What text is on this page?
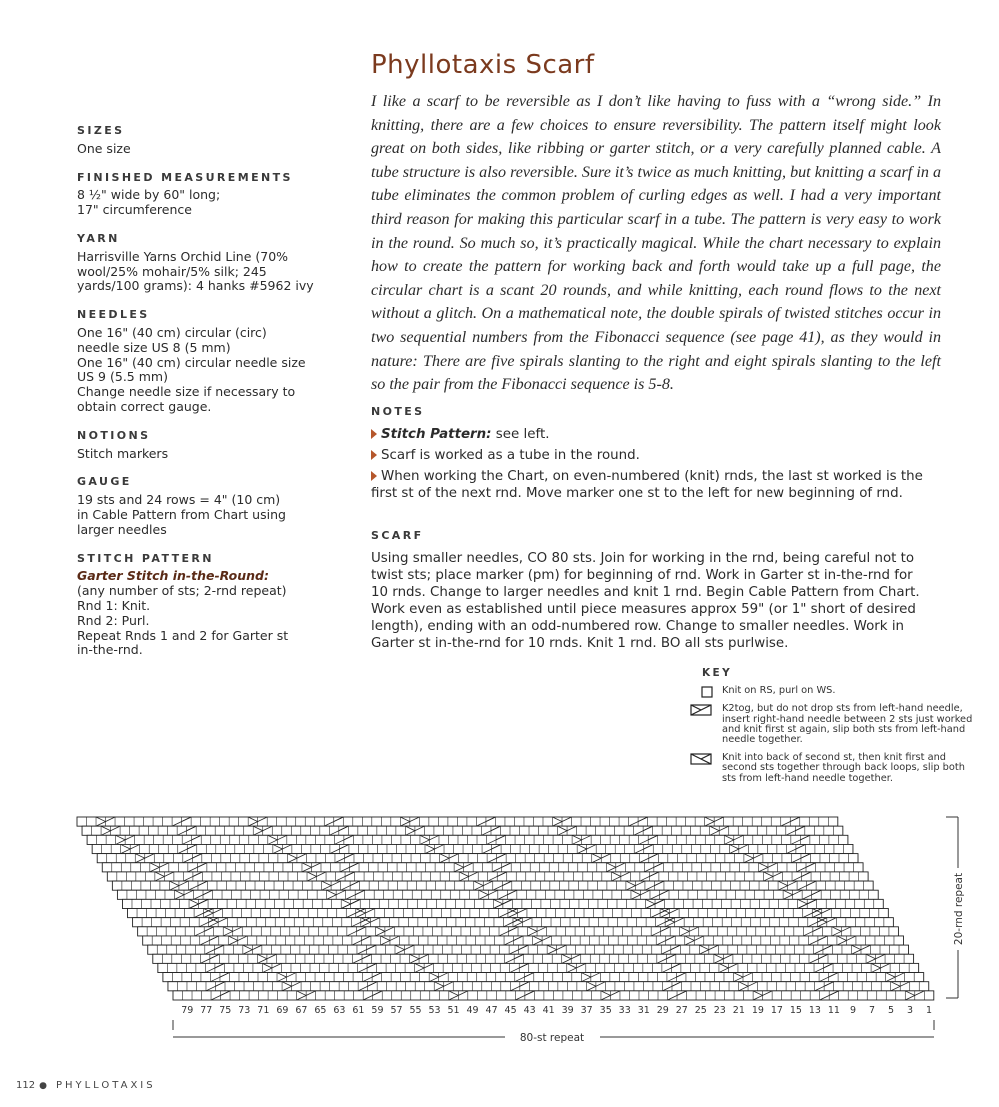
SIZES
One size
FINISHED MEASUREMENTS
8 ½" wide by 60" long;
17" circumference
YARN
Harrisville Yarns Orchid Line (70%
wool/25% mohair/5% silk; 245
yards/100 grams): 4 hanks #5962 ivy
NEEDLES
One 16" (40 cm) circular (circ)
needle size US 8 (5 mm)
One 16" (40 cm) circular needle size
US 9 (5.5 mm)
Change needle size if necessary to
obtain correct gauge.
NOTIONS
Stitch markers
GAUGE
19 sts and 24 rows = 4" (10 cm)
in Cable Pattern from Chart using
larger needles
STITCH PATTERN
Garter Stitch in-the-Round:
(any number of sts; 2-rnd repeat)
Rnd 1: Knit.
Rnd 2: Purl.
Repeat Rnds 1 and 2 for Garter st
in-the-rnd.
Phyllotaxis Scarf
I like a scarf to be reversible as I don’t like having to fuss with a “wrong side.” In knitting, there are a few choices to ensure reversibility. The pattern itself might look great on both sides, like ribbing or garter stitch, or a very carefully planned cable. A tube structure is also reversible. Sure it’s twice as much knitting, but knitting a scarf in a tube eliminates the common problem of curling edges as well. I had a very important third reason for making this particular scarf in a tube. The pattern is very easy to work in the round. So much so, it’s practically magical. While the chart necessary to explain how to create the pattern for working back and forth would take up a full page, the circular chart is a scant 20 rounds, and while knitting, each round flows to the next without a glitch. On a mathematical note, the double spirals of twisted stitches occur in two sequential numbers from the Fibonacci sequence (see page 41), as they would in nature: There are five spirals slanting to the right and eight spirals slanting to the left so the pair from the Fibonacci sequence is 5-8.
NOTES
Stitch Pattern: see left.
Scarf is worked as a tube in the round.
When working the Chart, on even-numbered (knit) rnds, the last st worked is the first st of the next rnd. Move marker one st to the left for new beginning of rnd.
SCARF
Using smaller needles, CO 80 sts. Join for working in the rnd, being careful not to twist sts; place marker (pm) for beginning of rnd. Work in Garter st in-the-rnd for 10 rnds. Change to larger needles and knit 1 rnd. Begin Cable Pattern from Chart. Work even as established until piece measures approx 59" (or 1" short of desired length), ending with an odd-numbered row. Change to smaller needles. Work in Garter st in-the-rnd for 10 rnds. Knit 1 rnd. BO all sts purlwise.
KEY
Knit on RS, purl on WS.
K2tog, but do not drop sts from left-hand needle, insert right-hand needle between 2 sts just worked and knit first st again, slip both sts from left-hand needle together.
Knit into back of second st, then knit first and second sts together through back loops, slip both sts from left-hand needle together.
79 77 75 73 71 69 67 65 63 61 59 57 55 53 51 49 47 45 43 41 39 37 35 33 31 29 27 25 23 21 19 17 15 13 11 9 7 5 3 1
80-st repeat
20-rnd repeat
112 ● PHYLLOTAXIS
